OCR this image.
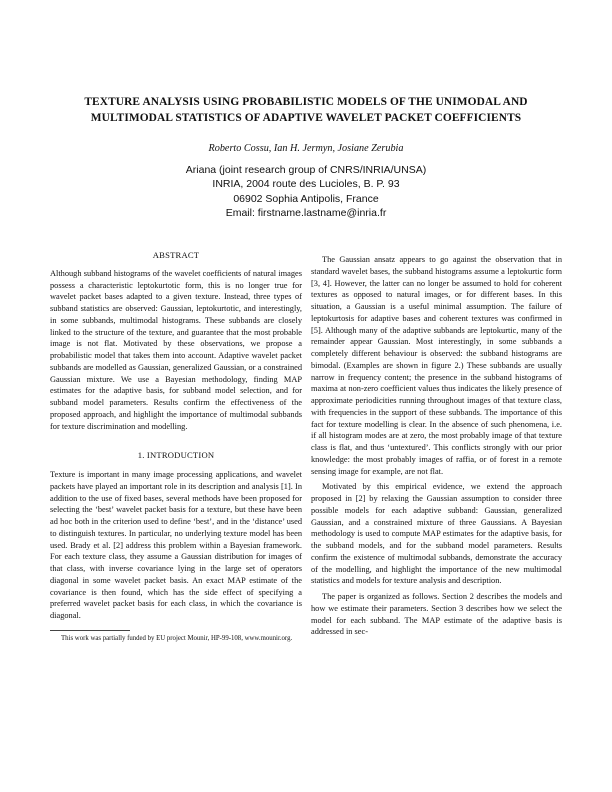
TEXTURE ANALYSIS USING PROBABILISTIC MODELS OF THE UNIMODAL AND
MULTIMODAL STATISTICS OF ADAPTIVE WAVELET PACKET COEFFICIENTS
Roberto Cossu, Ian H. Jermyn, Josiane Zerubia
Ariana (joint research group of CNRS/INRIA/UNSA)
INRIA, 2004 route des Lucioles, B. P. 93
06902 Sophia Antipolis, France
Email: firstname.lastname@inria.fr
ABSTRACT

Although subband histograms of the wavelet coefficients of natural images possess a characteristic leptokurtotic form, this is no longer true for wavelet packet bases adapted to a given texture. Instead, three types of subband statistics are observed: Gaussian, leptokurtotic, and interestingly, in some subbands, multimodal histograms. These subbands are closely linked to the structure of the texture, and guarantee that the most probable image is not flat. Motivated by these observations, we propose a probabilistic model that takes them into account. Adaptive wavelet packet subbands are modelled as Gaussian, generalized Gaussian, or a constrained Gaussian mixture. We use a Bayesian methodology, finding MAP estimates for the adaptive basis, for subband model selection, and for subband model parameters. Results confirm the effectiveness of the proposed approach, and highlight the importance of multimodal subbands for texture discrimination and modelling.

1. INTRODUCTION

Texture is important in many image processing applications, and wavelet packets have played an important role in its description and analysis [1]. In addition to the use of fixed bases, several methods have been proposed for selecting the ‘best’ wavelet packet basis for a texture, but these have been ad hoc both in the criterion used to define ‘best’, and in the ‘distance’ used to distinguish textures. In particular, no underlying texture model has been used. Brady et al. [2] address this problem within a Bayesian framework. For each texture class, they assume a Gaussian distribution for images of that class, with inverse covariance lying in the large set of operators diagonal in some wavelet packet basis. An exact MAP estimate of the covariance is then found, which has the side effect of specifying a preferred wavelet packet basis for each class, in which the covariance is diagonal.

This work was partially funded by EU project Mounir, HP-99-108, www.mounir.org.

The Gaussian ansatz appears to go against the observation that in standard wavelet bases, the subband histograms assume a leptokurtic form [3, 4]. However, the latter can no longer be assumed to hold for coherent textures as opposed to natural images, or for different bases. In this situation, a Gaussian is a useful minimal assumption. The failure of leptokurtosis for adaptive bases and coherent textures was confirmed in [5]. Although many of the adaptive subbands are leptokurtic, many of the remainder appear Gaussian. Most interestingly, in some subbands a completely different behaviour is observed: the subband histograms are bimodal. (Examples are shown in figure 2.) These subbands are usually narrow in frequency content; the presence in the subband histograms of maxima at non-zero coefficient values thus indicates the likely presence of approximate periodicities running throughout images of that texture class, with frequencies in the support of these subbands. The importance of this fact for texture modelling is clear. In the absence of such phenomena, i.e. if all histogram modes are at zero, the most probably image of that texture class is flat, and thus ‘untextured’. This conflicts strongly with our prior knowledge: the most probably images of raffia, or of forest in a remote sensing image for example, are not flat.

Motivated by this empirical evidence, we extend the approach proposed in [2] by relaxing the Gaussian assumption to consider three possible models for each adaptive subband: Gaussian, generalized Gaussian, and a constrained mixture of three Gaussians. A Bayesian methodology is used to compute MAP estimates for the adaptive basis, for the subband models, and for the subband model parameters. Results confirm the existence of multimodal subbands, demonstrate the accuracy of the modelling, and highlight the importance of the new multimodal statistics and models for texture analysis and description.

The paper is organized as follows. Section 2 describes the models and how we estimate their parameters. Section 3 describes how we select the model for each subband. The MAP estimate of the adaptive basis is addressed in sec-
